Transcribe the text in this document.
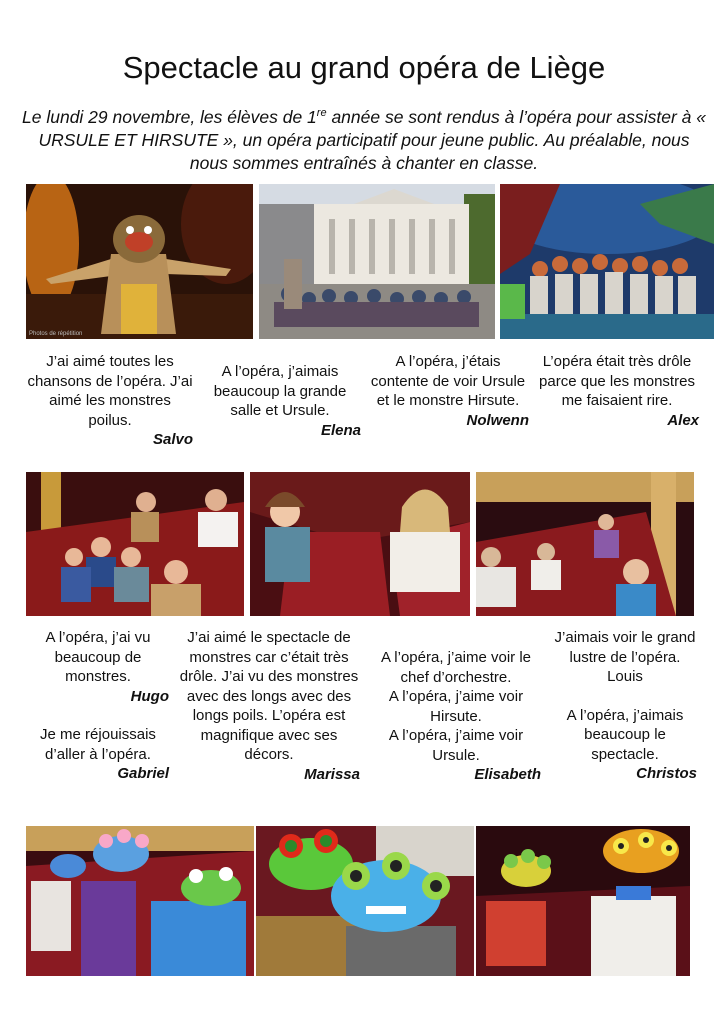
Spectacle au grand opéra de Liège
Le lundi 29 novembre, les élèves de 1re année se sont rendus à l’opéra pour assister à « URSULE ET HIRSUTE », un opéra participatif pour jeune public. Au préalable, nous nous sommes entraînés à chanter en classe.
Photos de répétition
J’ai aimé toutes les chansons de l’opéra. J’ai aimé les monstres poilus.
Salvo
A l’opéra, j’aimais beaucoup la grande salle et Ursule.
Elena
A l’opéra, j’étais contente de voir Ursule et le monstre Hirsute.
Nolwenn
L’opéra était très drôle parce que les monstres me faisaient rire.
Alex
A l’opéra, j’ai vu beaucoup de monstres.
Hugo
Je me réjouissais d’aller à l’opéra.
Gabriel
J’ai aimé le spectacle de monstres car c’était très drôle. J’ai vu des monstres avec des longs avec des longs poils. L’opéra est magnifique avec ses décors.
Marissa
A l’opéra, j’aime voir le chef d’orchestre.
A l’opéra, j’aime voir Hirsute.
A l’opéra, j’aime voir Ursule.
Elisabeth
J’aimais voir le grand lustre de l’opéra.
Louis
A l’opéra, j’aimais beaucoup le spectacle.
Christos
